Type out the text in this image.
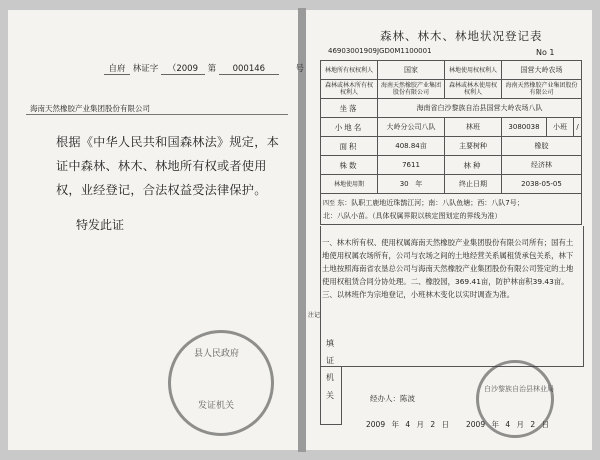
自府 林证字 （2009 第 000146	号
海南天然橡胶产业集团股份有限公司
根据《中华人民共和国森林法》规定，本证中森林、林木、林地所有权或者使用权，业经登记，合法权益受法律保护。
特发此证
县人民政府
发证机关
森林、林木、林地状况登记表
46903001909JGD0M1100001	No 1
林地所有权权利人	国家	林地使用权权利人	国营大岭农场		
森林或林木所有权权利人	海南天然橡胶产业集团股份有限公司	森林或林木使用权权利人	海南天然橡胶产业集团股份有限公司		
坐落	海南省白沙黎族自治县国营大岭农场八队				
小地名	大岭分公司八队	林班	3080038	小班	/
面积	408.84亩	主要树种	橡胶		
株数	7611	林种	经济林		
林地使用期	30 年	终止日期	2038-05-05		
四至 东：队职工鹿地近珠鹊江河；南：八队鱼塘；西：八队7号；
北：八队小苗。（具体权属界限以核定图划定的界线为准）					
一、林木所有权、使用权属海南天然橡胶产业集团股份有限公司所有；国有土地使用权属农场所有，公司与农场之间的土地经营关系属租赁承包关系，林下土地按照海南省农垦总公司与海南天然橡胶产业集团股份有限公司签定的土地使用权租赁合同分协处理。二、橡胶园，369.41亩，防护林亩积39.43亩。三、以林班作为宗地登记，小班林木变化以实时调查为准。
注记
填
证
机
关	经办人：陈波
2009 年 4 月 2 日 2009 年 4 月 2 日
白沙黎族自治县林业局
